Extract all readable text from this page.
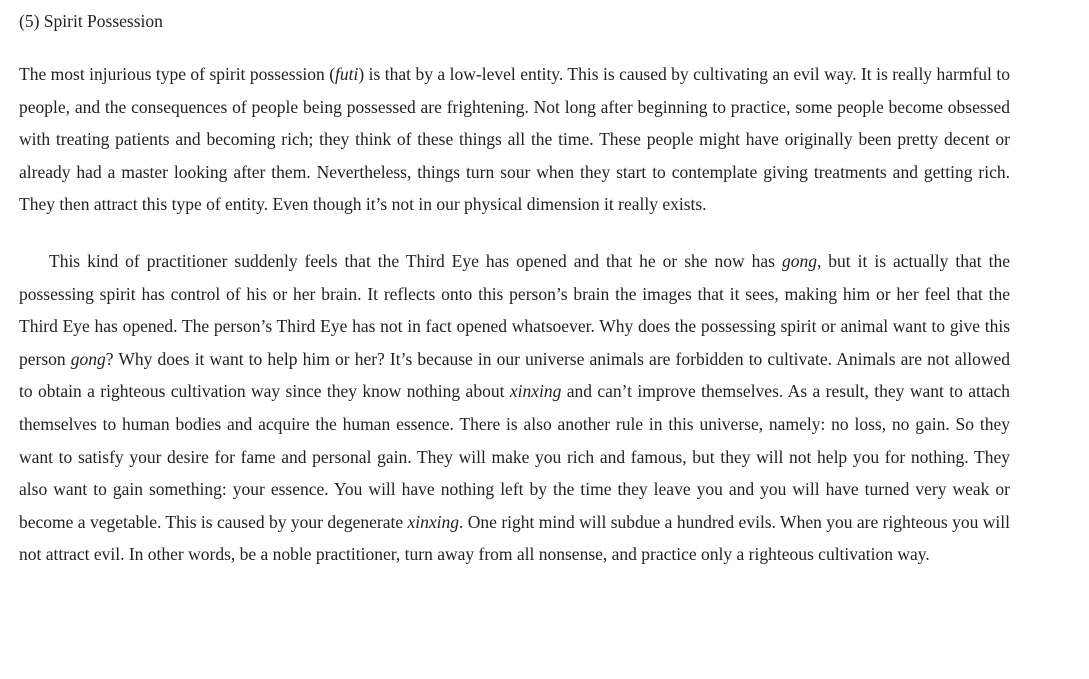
(5) Spirit Possession

The most injurious type of spirit possession (futi) is that by a low-level entity. This is caused by cultivating an evil way. It is really harmful to people, and the consequences of people being possessed are frightening. Not long after beginning to practice, some people become obsessed with treating patients and becoming rich; they think of these things all the time. These people might have originally been pretty decent or already had a master looking after them. Nevertheless, things turn sour when they start to contemplate giving treatments and getting rich. They then attract this type of entity. Even though it’s not in our physical dimension it really exists.

This kind of practitioner suddenly feels that the Third Eye has opened and that he or she now has gong, but it is actually that the possessing spirit has control of his or her brain. It reflects onto this person’s brain the images that it sees, making him or her feel that the Third Eye has opened. The person’s Third Eye has not in fact opened whatsoever. Why does the possessing spirit or animal want to give this person gong? Why does it want to help him or her? It’s because in our universe animals are forbidden to cultivate. Animals are not allowed to obtain a righteous cultivation way since they know nothing about xinxing and can’t improve themselves. As a result, they want to attach themselves to human bodies and acquire the human essence. There is also another rule in this universe, namely: no loss, no gain. So they want to satisfy your desire for fame and personal gain. They will make you rich and famous, but they will not help you for nothing. They also want to gain something: your essence. You will have nothing left by the time they leave you and you will have turned very weak or become a vegetable. This is caused by your degenerate xinxing. One right mind will subdue a hundred evils. When you are righteous you will not attract evil. In other words, be a noble practitioner, turn away from all nonsense, and practice only a righteous cultivation way.
